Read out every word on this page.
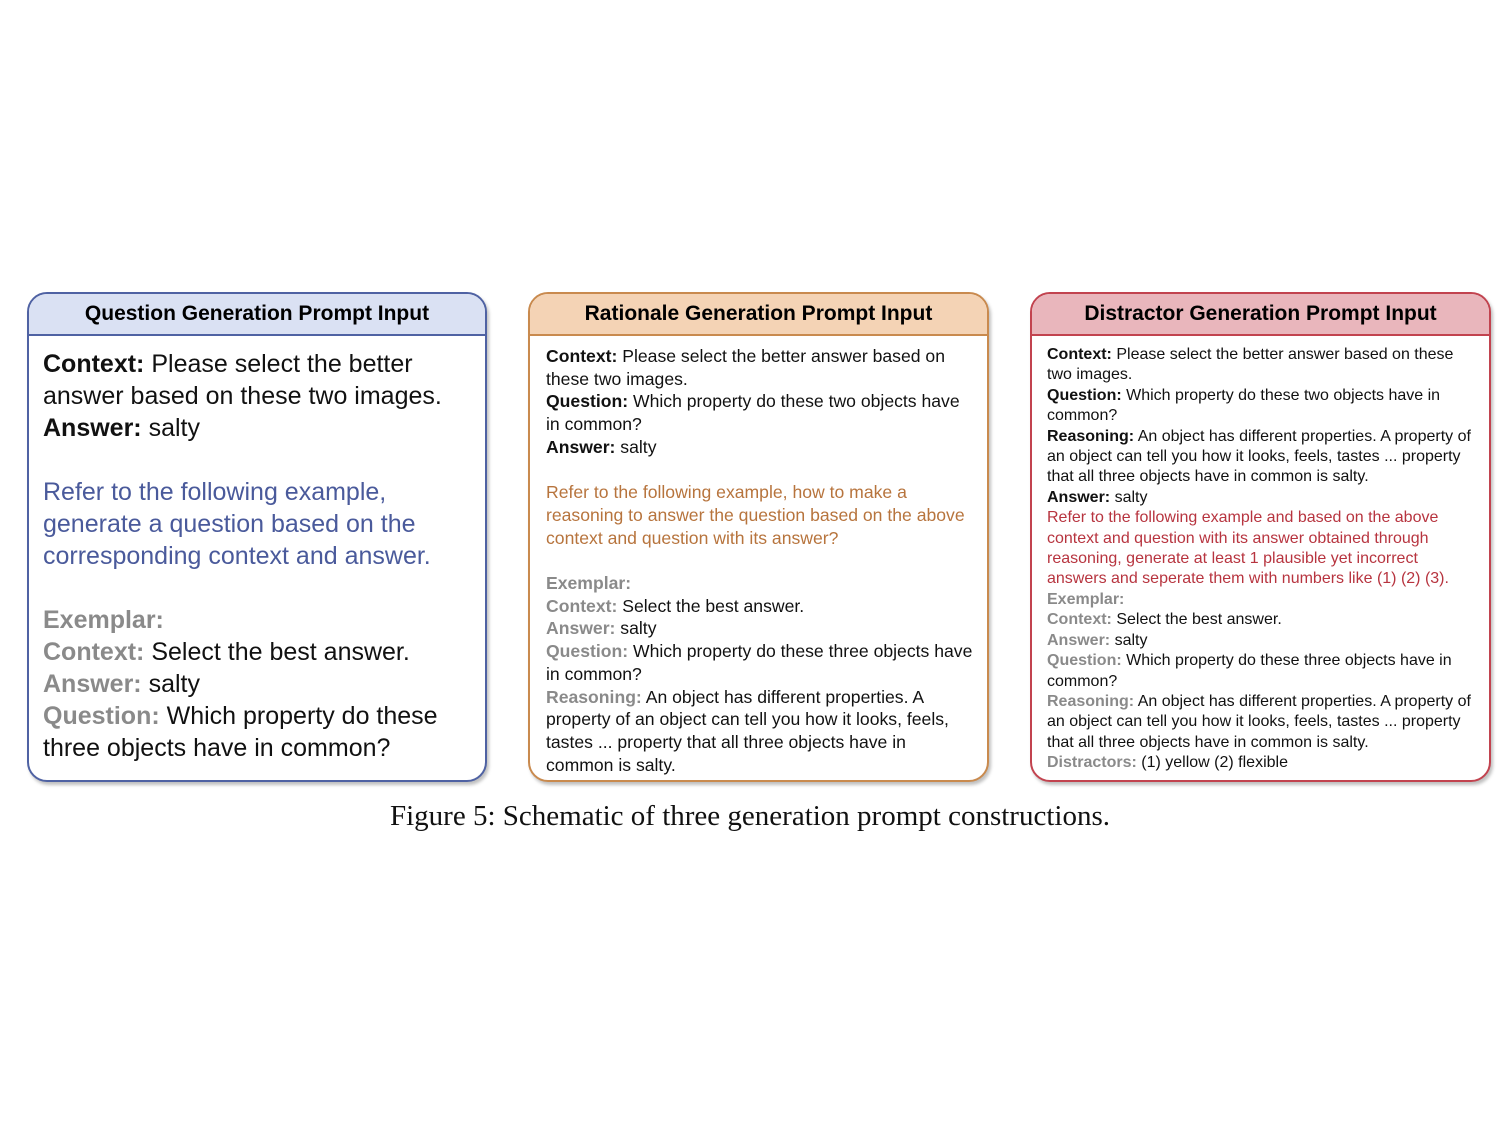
Question Generation Prompt Input
Context: Please select the better answer based on these two images.
Answer: salty
Refer to the following example, generate a question based on the corresponding context and answer.
Exemplar:
Context: Select the best answer.
Answer: salty
Question: Which property do these three objects have in common?
Rationale Generation Prompt Input
Context: Please select the better answer based on these two images.
Question: Which property do these two objects have in common?
Answer: salty
Refer to the following example, how to make a reasoning to answer the question based on the above context and question with its answer?
Exemplar:
Context: Select the best answer.
Answer: salty
Question: Which property do these three objects have in common?
Reasoning: An object has different properties. A property of an object can tell you how it looks, feels, tastes ... property that all three objects have in common is salty.
Distractor Generation Prompt Input
Context: Please select the better answer based on these two images.
Question: Which property do these two objects have in common?
Reasoning: An object has different properties. A property of an object can tell you how it looks, feels, tastes ... property that all three objects have in common is salty.
Answer: salty
Refer to the following example and based on the above context and question with its answer obtained through reasoning, generate at least 1 plausible yet incorrect answers and seperate them with numbers like (1) (2) (3).
Exemplar:
Context: Select the best answer.
Answer: salty
Question: Which property do these three objects have in common?
Reasoning: An object has different properties. A property of an object can tell you how it looks, feels, tastes ... property that all three objects have in common is salty.
Distractors: (1) yellow (2) flexible
Figure 5: Schematic of three generation prompt constructions.
